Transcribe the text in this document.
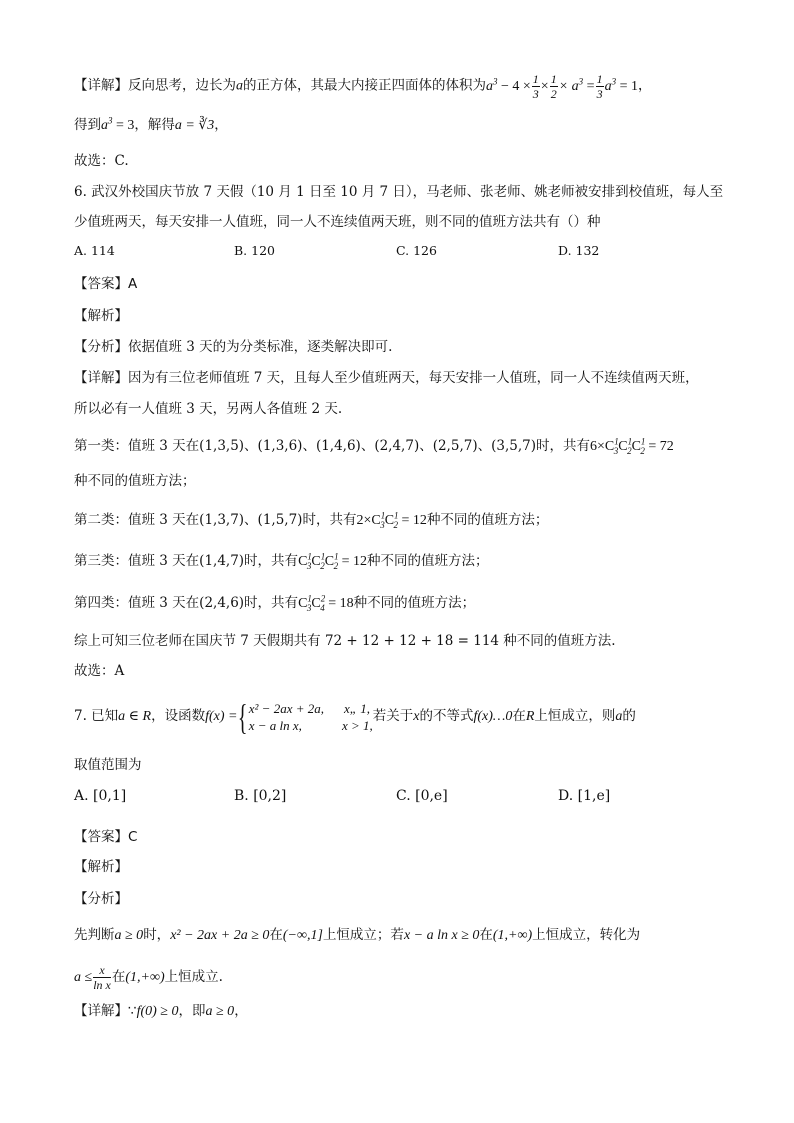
【详解】反向思考，边长为a的正方体，其最大内接正四面体的体积为$a^3 - 4 \times \frac{1}{3} \times \frac{1}{2} \times a^3 = \frac{1}{3} a^3 = 1$，
得到$a^3 = 3$，解得a = ∛3，
故选：C.
6. 武汉外校国庆节放 7 天假（10 月 1 日至 10 月 7 日），马老师、张老师、姚老师被安排到校值班，每人至
少值班两天，每天安排一人值班，同一人不连续值两天班，则不同的值班方法共有（）种
A. 114	B. 120	C. 126	D. 132
【答案】A
【解析】
【分析】依据值班 3 天的为分类标准，逐类解决即可.
【详解】因为有三位老师值班 7 天，且每人至少值班两天，每天安排一人值班，同一人不连续值两天班，
所以必有一人值班 3 天，另两人各值班 2 天.
第一类：值班 3 天在(1,3,5)、(1,3,6)、(1,4,6)、(2,4,7)、(2,5,7)、(3,5,7)时，共有$6\times C^1_3C^1_2C^1_2 = 72$
种不同的值班方法；
第二类：值班 3 天在(1,3,7)、(1,5,7)时，共有$2\times C^1_3C^1_2 = 12$种不同的值班方法；
第三类：值班 3 天在(1,4,7)时，共有$C^1_3C^1_2C^1_2 = 12$种不同的值班方法；
第四类：值班 3 天在(2,4,6)时，共有$C^1_3C^2_4 = 18$种不同的值班方法；
综上可知三位老师在国庆节 7 天假期共有 72 + 12 + 12 + 18 = 114 种不同的值班方法.
故选：A
7. 已知a ∈ R，设函数f(x) ={ x² − 2ax + 2a, x„ 1,
x − a ln x,	x > 1,
若关于x的不等式f(x)…0在R上恒成立，则a的
取值范围为
A. [0,1]	B. [0,2]	C. [0,e]	D. [1,e]
【答案】C
【解析】
【分析】
先判断a ≥ 0时，x² − 2ax + 2a ≥ 0在(−∞,1]上恒成立；若x − a ln x ≥ 0在(1,+∞)上恒成立，转化为
$a \le \frac{x}{\text{ln x}}$ 在(1,+∞)上恒成立.
【详解】∵f(0) ≥ 0，即a ≥ 0，
